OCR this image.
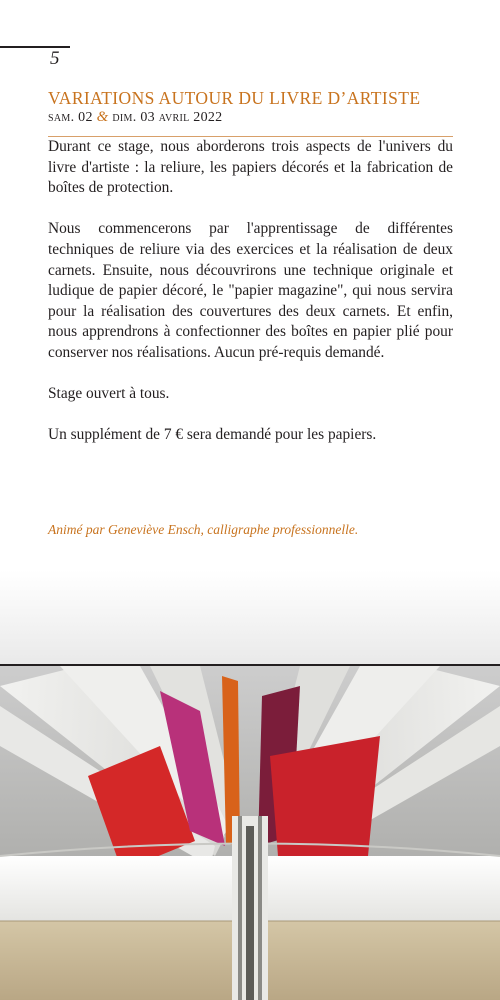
5
VARIATIONS AUTOUR DU LIVRE D’ARTISTE
sam. 02 & dim. 03 avril 2022

Durant ce stage, nous aborderons trois aspects de l'univers du livre d'artiste : la reliure, les papiers décorés et la fabrication de boîtes de protection.

Nous commencerons par l'apprentissage de différentes techniques de reliure via des exercices et la réalisation de deux carnets. Ensuite, nous découvrirons une technique originale et ludique de papier décoré, le "papier magazine", qui nous servira pour la réalisation des couvertures des deux carnets. Et enfin, nous apprendrons à confectionner des boîtes en papier plié pour conserver nos réalisations. Aucun pré-requis demandé.

Stage ouvert à tous.

Un supplément de 7 € sera demandé pour les papiers.

Animé par Geneviève Ensch, calligraphe professionnelle.
